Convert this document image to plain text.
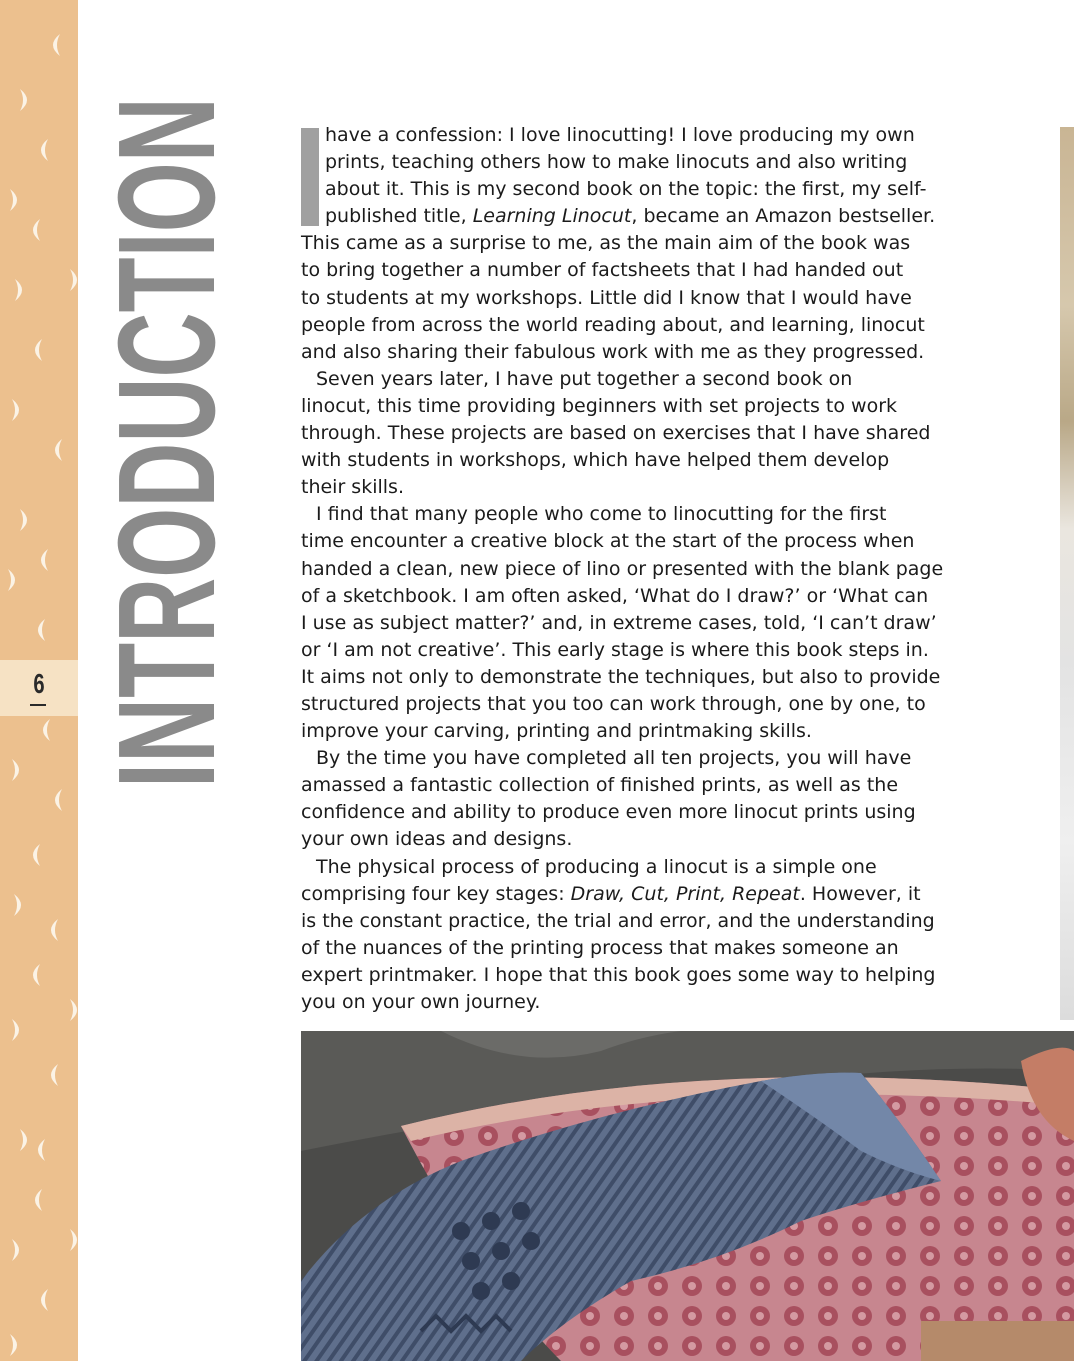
6 INTRODUCTION	have a confession: I love linocutting! I love producing my own
prints, teaching others how to make linocuts and also writing
about it. This is my second book on the topic: the first, my self-
published title, Learning Linocut, became an Amazon bestseller.
This came as a surprise to me, as the main aim of the book was
to bring together a number of factsheets that I had handed out
to students at my workshops. Little did I know that I would have
people from across the world reading about, and learning, linocut
and also sharing their fabulous work with me as they progressed.

Seven years later, I have put together a second book on
linocut, this time providing beginners with set projects to work
through. These projects are based on exercises that I have shared
with students in workshops, which have helped them develop
their skills.

I find that many people who come to linocutting for the first
time encounter a creative block at the start of the process when
handed a clean, new piece of lino or presented with the blank page
of a sketchbook. I am often asked, ‘What do I draw?’ or ‘What can
I use as subject matter?’ and, in extreme cases, told, ‘I can’t draw’
or ‘I am not creative’. This early stage is where this book steps in.
It aims not only to demonstrate the techniques, but also to provide
structured projects that you too can work through, one by one, to
improve your carving, printing and printmaking skills.

By the time you have completed all ten projects, you will have
amassed a fantastic collection of finished prints, as well as the
confidence and ability to produce even more linocut prints using
your own ideas and designs.

The physical process of producing a linocut is a simple one
comprising four key stages: Draw, Cut, Print, Repeat. However, it
is the constant practice, the trial and error, and the understanding
of the nuances of the printing process that makes someone an
expert printmaker. I hope that this book goes some way to helping
you on your own journey.
